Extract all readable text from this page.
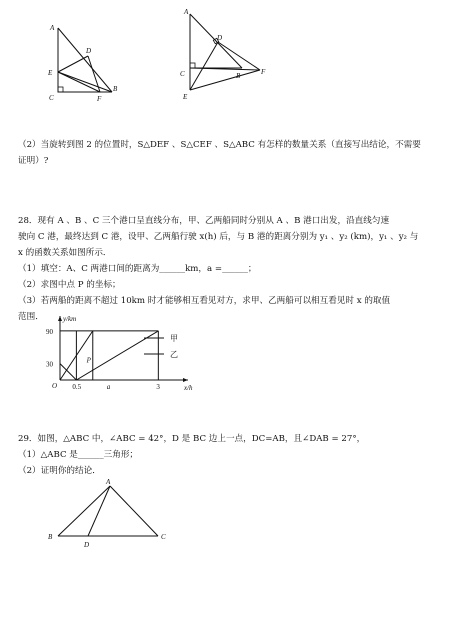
A
D
E
C	F
B
A
D
C	B	F
E
（2）当旋转到图 2 的位置时，S△DEF 、S△CEF 、S△ABC 有怎样的数量关系（直接写出结论，不需要
证明）?
28．现有 A 、B 、C 三个港口呈直线分布，甲、乙两船同时分别从 A 、B 港口出发，沿直线匀速
驶向 C 港，最终达到 C 港，设甲、乙两船行驶 x(h) 后，与 B 港的距离分别为 y₁ 、y₂ (km)，y₁ 、y₂ 与
x 的函数关系如图所示．
（1）填空：A、C 两港口间的距离为______km，a =______；
（2）求图中点 P 的坐标；
（3）若两船的距离不超过 10km 时才能够相互看见对方，求甲、乙两船可以相互看见时 x 的取值
范围．	y/km
x/h
O
90
30
0.5	a	3
P
甲
乙
29．如图，△ABC 中，∠ABC = 42°，D 是 BC 边上一点，DC=AB，且∠DAB = 27°，
（1）△ABC 是______三角形；
（2）证明你的结论．
A
B
D
C
